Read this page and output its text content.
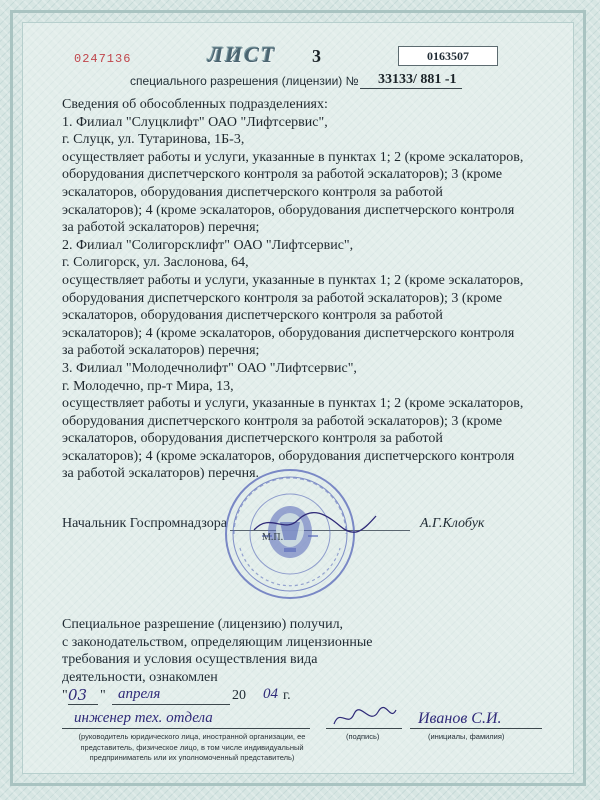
0247136	ЛИСТ 3	0163507
специального разрешения (лицензии) № 33133/ 881 -1
Сведения об обособленных подразделениях:
1. Филиал "Слуцклифт" ОАО "Лифтсервис",
г. Слуцк, ул. Тутаринова, 1Б-3,
осуществляет работы и услуги, указанные в пунктах 1; 2 (кроме эскалаторов,
оборудования диспетчерского контроля за работой эскалаторов); 3 (кроме
эскалаторов, оборудования диспетчерского контроля за работой
эскалаторов); 4 (кроме эскалаторов, оборудования диспетчерского контроля
за работой эскалаторов) перечня;
2. Филиал "Солигорсклифт" ОАО "Лифтсервис",
г. Солигорск, ул. Заслонова, 64,
осуществляет работы и услуги, указанные в пунктах 1; 2 (кроме эскалаторов,
оборудования диспетчерского контроля за работой эскалаторов); 3 (кроме
эскалаторов, оборудования диспетчерского контроля за работой
эскалаторов); 4 (кроме эскалаторов, оборудования диспетчерского контроля
за работой эскалаторов) перечня;
3. Филиал "Молодечнолифт" ОАО "Лифтсервис",
г. Молодечно, пр-т Мира, 13,
осуществляет работы и услуги, указанные в пунктах 1; 2 (кроме эскалаторов,
оборудования диспетчерского контроля за работой эскалаторов); 3 (кроме
эскалаторов, оборудования диспетчерского контроля за работой
эскалаторов); 4 (кроме эскалаторов, оборудования диспетчерского контроля
за работой эскалаторов) перечня.
Начальник Госпромнадзора	А.Г.Клобук
М.П.
Специальное разрешение (лицензию) получил,
с законодательством, определяющим лицензионные
требования и условия осуществления вида
деятельности, ознакомлен
" 03 " апреля	20 04 г.
инженер тех. отдела
(руководитель юридического лица, иностранной организации, ее представитель, физическое лицо, в том числе индивидуальный предприниматель или их уполномоченный представитель)
(подпись)
Иванов С.И.
(инициалы, фамилия)
